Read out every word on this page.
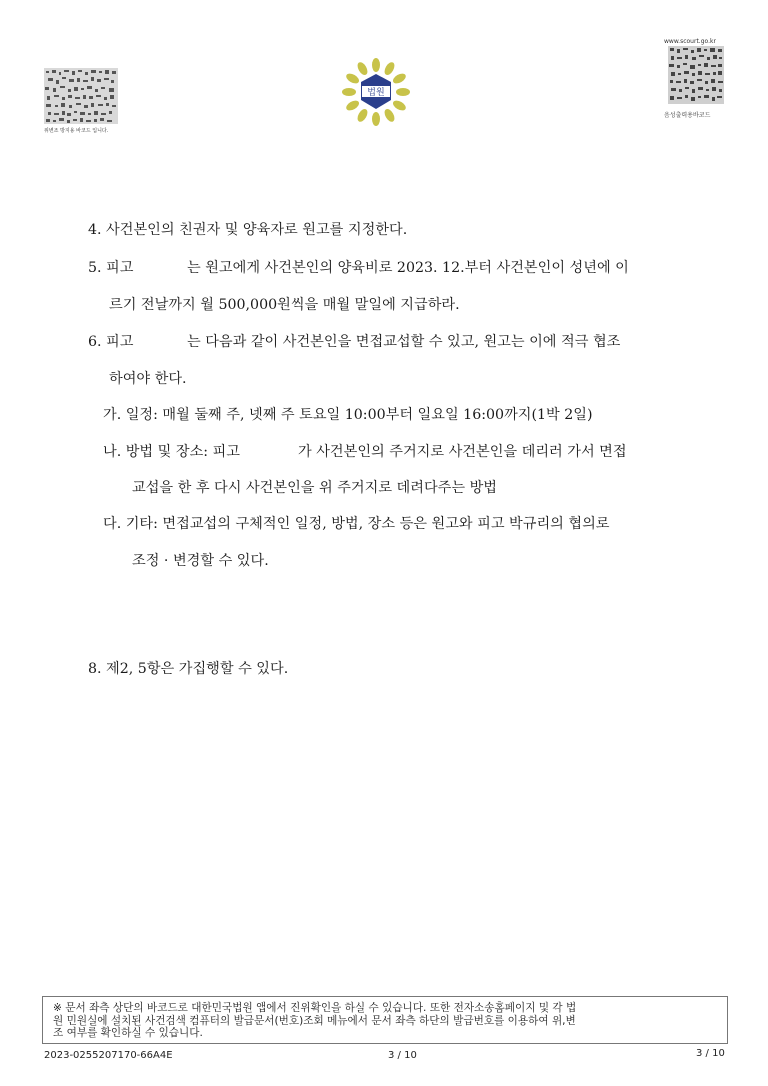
위변조 방지용 바코드 입니다.
법원
www.scourt.go.kr
음성출력용바코드
4. 사건본인의 친권자 및 양육자로 원고를 지정한다.
5. 피고	는 원고에게 사건본인의 양육비로 2023. 12.부터 사건본인이 성년에 이
르기 전날까지 월 500,000원씩을 매월 말일에 지급하라.
6. 피고	는 다음과 같이 사건본인을 면접교섭할 수 있고, 원고는 이에 적극 협조
하여야 한다.
가. 일정: 매월 둘째 주, 넷째 주 토요일 10:00부터 일요일 16:00까지(1박 2일)
나. 방법 및 장소: 피고	가 사건본인의 주거지로 사건본인을 데리러 가서 면접
교섭을 한 후 다시 사건본인을 위 주거지로 데려다주는 방법
다. 기타: 면접교섭의 구체적인 일정, 방법, 장소 등은 원고와 피고 박규리의 협의로
조정 · 변경할 수 있다.
8. 제2, 5항은 가집행할 수 있다.
※ 문서 좌측 상단의 바코드로 대한민국법원 앱에서 진위확인을 하실 수 있습니다. 또한 전자소송홈페이지 및 각 법
원 민원실에 설치된 사건검색 컴퓨터의 발급문서(번호)조회 메뉴에서 문서 좌측 하단의 발급번호를 이용하여 위,변
조 여부를 확인하실 수 있습니다.
2023-0255207170-66A4E	3 / 10	3 / 10
